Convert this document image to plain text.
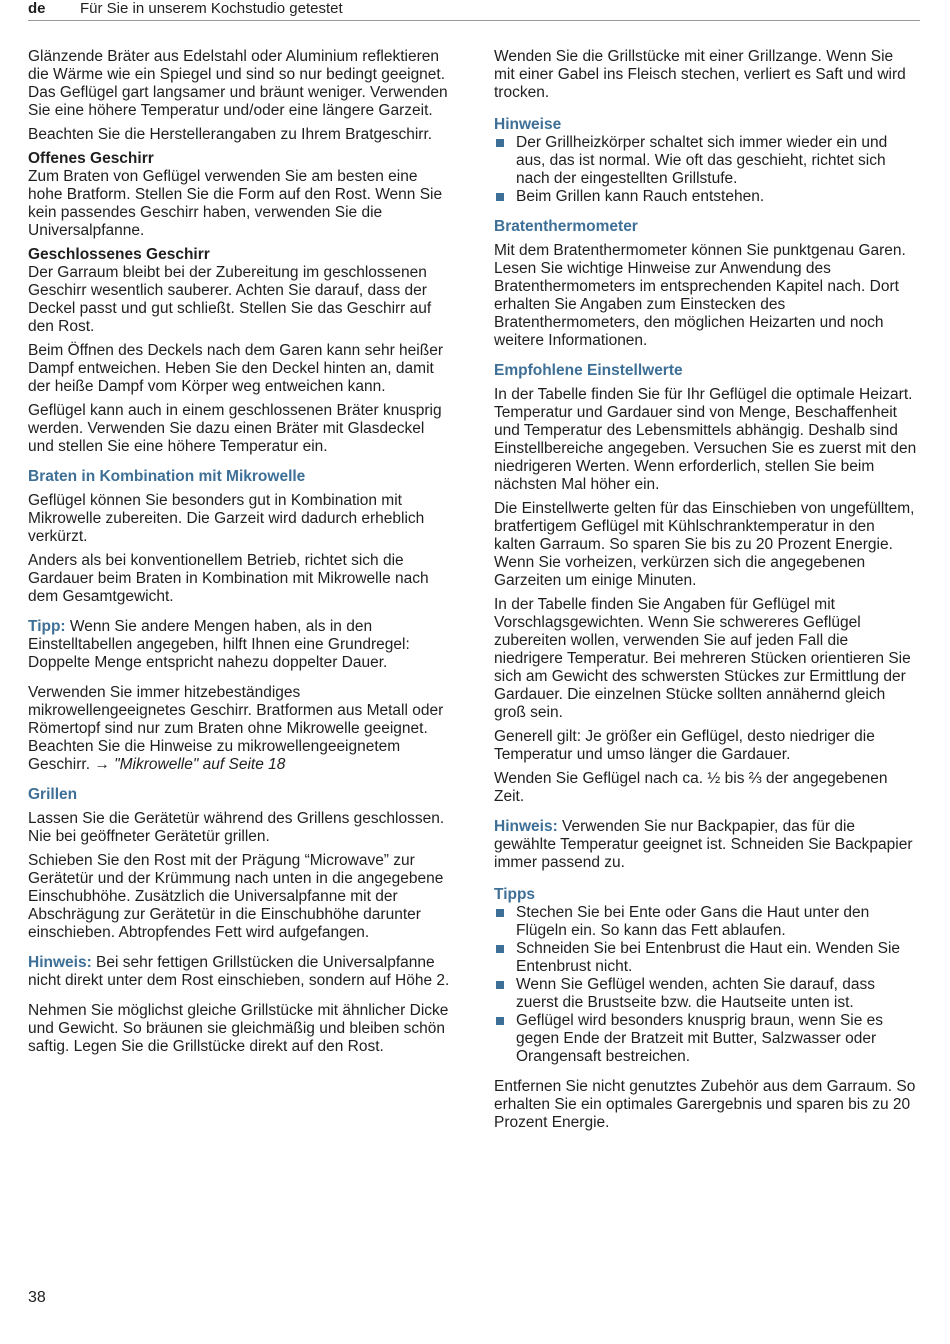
de Für Sie in unserem Kochstudio getestet

Glänzende Bräter aus Edelstahl oder Aluminium reflektieren die Wärme wie ein Spiegel und sind so nur bedingt geeignet. Das Geflügel gart langsamer und bräunt weniger. Verwenden Sie eine höhere Temperatur und/oder eine längere Garzeit.

Beachten Sie die Herstellerangaben zu Ihrem Bratgeschirr.

Offenes Geschirr

Zum Braten von Geflügel verwenden Sie am besten eine hohe Bratform. Stellen Sie die Form auf den Rost. Wenn Sie kein passendes Geschirr haben, verwenden Sie die Universalpfanne.

Geschlossenes Geschirr

Der Garraum bleibt bei der Zubereitung im geschlossenen Geschirr wesentlich sauberer. Achten Sie darauf, dass der Deckel passt und gut schließt. Stellen Sie das Geschirr auf den Rost.

Beim Öffnen des Deckels nach dem Garen kann sehr heißer Dampf entweichen. Heben Sie den Deckel hinten an, damit der heiße Dampf vom Körper weg entweichen kann.

Geflügel kann auch in einem geschlossenen Bräter knusprig werden. Verwenden Sie dazu einen Bräter mit Glasdeckel und stellen Sie eine höhere Temperatur ein.

Braten in Kombination mit Mikrowelle

Geflügel können Sie besonders gut in Kombination mit Mikrowelle zubereiten. Die Garzeit wird dadurch erheblich verkürzt.

Anders als bei konventionellem Betrieb, richtet sich die Gardauer beim Braten in Kombination mit Mikrowelle nach dem Gesamtgewicht.

Tipp: Wenn Sie andere Mengen haben, als in den Einstelltabellen angegeben, hilft Ihnen eine Grundregel: Doppelte Menge entspricht nahezu doppelter Dauer.

Verwenden Sie immer hitzebeständiges mikrowellengeeignetes Geschirr. Bratformen aus Metall oder Römertopf sind nur zum Braten ohne Mikrowelle geeignet. Beachten Sie die Hinweise zu mikrowellengeeignetem Geschirr. → "Mikrowelle" auf Seite 18

Grillen

Lassen Sie die Gerätetür während des Grillens geschlossen. Nie bei geöffneter Gerätetür grillen.

Schieben Sie den Rost mit der Prägung “Microwave” zur Gerätetür und der Krümmung nach unten in die angegebene Einschubhöhe. Zusätzlich die Universalpfanne mit der Abschrägung zur Gerätetür in die Einschubhöhe darunter einschieben. Abtropfendes Fett wird aufgefangen.

Hinweis: Bei sehr fettigen Grillstücken die Universalpfanne nicht direkt unter dem Rost einschieben, sondern auf Höhe 2.

Nehmen Sie möglichst gleiche Grillstücke mit ähnlicher Dicke und Gewicht. So bräunen sie gleichmäßig und bleiben schön saftig. Legen Sie die Grillstücke direkt auf den Rost.

Wenden Sie die Grillstücke mit einer Grillzange. Wenn Sie mit einer Gabel ins Fleisch stechen, verliert es Saft und wird trocken.

Hinweise
Der Grillheizkörper schaltet sich immer wieder ein und aus, das ist normal. Wie oft das geschieht, richtet sich nach der eingestellten Grillstufe.
Beim Grillen kann Rauch entstehen.
Bratenthermometer

Mit dem Bratenthermometer können Sie punktgenau Garen. Lesen Sie wichtige Hinweise zur Anwendung des Bratenthermometers im entsprechenden Kapitel nach. Dort erhalten Sie Angaben zum Einstecken des Bratenthermometers, den möglichen Heizarten und noch weitere Informationen.

Empfohlene Einstellwerte

In der Tabelle finden Sie für Ihr Geflügel die optimale Heizart. Temperatur und Gardauer sind von Menge, Beschaffenheit und Temperatur des Lebensmittels abhängig. Deshalb sind Einstellbereiche angegeben. Versuchen Sie es zuerst mit den niedrigeren Werten. Wenn erforderlich, stellen Sie beim nächsten Mal höher ein.

Die Einstellwerte gelten für das Einschieben von ungefülltem, bratfertigem Geflügel mit Kühlschranktemperatur in den kalten Garraum. So sparen Sie bis zu 20 Prozent Energie. Wenn Sie vorheizen, verkürzen sich die angegebenen Garzeiten um einige Minuten.

In der Tabelle finden Sie Angaben für Geflügel mit Vorschlagsgewichten. Wenn Sie schwereres Geflügel zubereiten wollen, verwenden Sie auf jeden Fall die niedrigere Temperatur. Bei mehreren Stücken orientieren Sie sich am Gewicht des schwersten Stückes zur Ermittlung der Gardauer. Die einzelnen Stücke sollten annähernd gleich groß sein.

Generell gilt: Je größer ein Geflügel, desto niedriger die Temperatur und umso länger die Gardauer.

Wenden Sie Geflügel nach ca. ½ bis ⅔ der angegebenen Zeit.

Hinweis: Verwenden Sie nur Backpapier, das für die gewählte Temperatur geeignet ist. Schneiden Sie Backpapier immer passend zu.

Tipps
Stechen Sie bei Ente oder Gans die Haut unter den Flügeln ein. So kann das Fett ablaufen.
Schneiden Sie bei Entenbrust die Haut ein. Wenden Sie Entenbrust nicht.
Wenn Sie Geflügel wenden, achten Sie darauf, dass zuerst die Brustseite bzw. die Hautseite unten ist.
Geflügel wird besonders knusprig braun, wenn Sie es gegen Ende der Bratzeit mit Butter, Salzwasser oder Orangensaft bestreichen.

Entfernen Sie nicht genutztes Zubehör aus dem Garraum. So erhalten Sie ein optimales Garergebnis und sparen bis zu 20 Prozent Energie.

38
